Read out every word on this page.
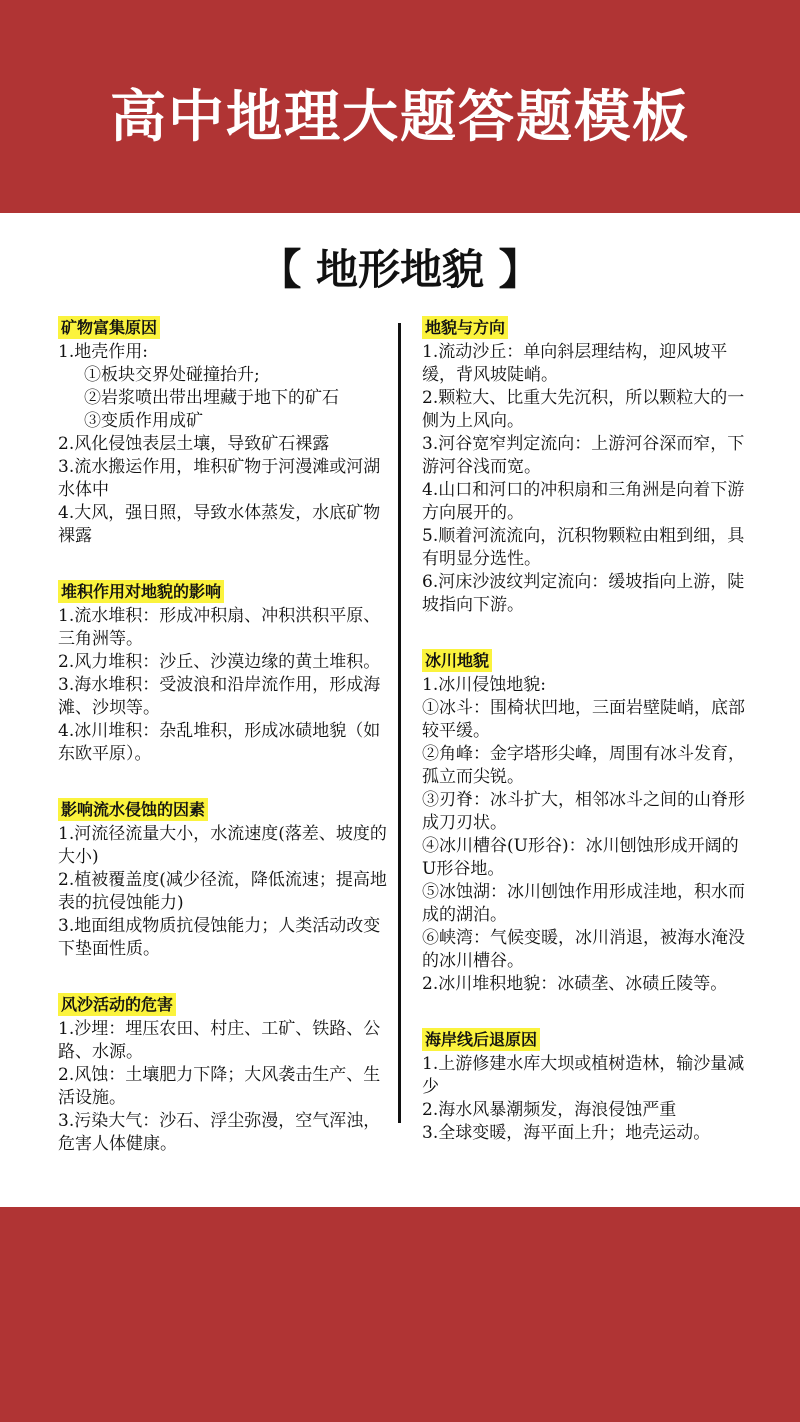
高中地理大题答题模板
【 地形地貌 】
矿物富集原因
1.地壳作用:
①板块交界处碰撞抬升;
②岩浆喷出带出埋藏于地下的矿石
③变质作用成矿
2.风化侵蚀表层土壤，导致矿石裸露
3.流水搬运作用，堆积矿物于河漫滩或河湖水体中
4.大风，强日照，导致水体蒸发，水底矿物裸露
堆积作用对地貌的影响
1.流水堆积：形成冲积扇、冲积洪积平原、三角洲等。
2.风力堆积：沙丘、沙漠边缘的黄土堆积。
3.海水堆积：受波浪和沿岸流作用，形成海滩、沙坝等。
4.冰川堆积：杂乱堆积，形成冰碛地貌（如东欧平原）。
影响流水侵蚀的因素
1.河流径流量大小，水流速度(落差、坡度的大小)
2.植被覆盖度(减少径流，降低流速；提高地表的抗侵蚀能力)
3.地面组成物质抗侵蚀能力；人类活动改变下垫面性质。
风沙活动的危害
1.沙埋：埋压农田、村庄、工矿、铁路、公路、水源。
2.风蚀：土壤肥力下降；大风袭击生产、生活设施。
3.污染大气：沙石、浮尘弥漫，空气浑浊，危害人体健康。
地貌与方向
1.流动沙丘：单向斜层理结构，迎风坡平缓，背风坡陡峭。
2.颗粒大、比重大先沉积，所以颗粒大的一侧为上风向。
3.河谷宽窄判定流向：上游河谷深而窄，下游河谷浅而宽。
4.山口和河口的冲积扇和三角洲是向着下游方向展开的。
5.顺着河流流向，沉积物颗粒由粗到细，具有明显分选性。
6.河床沙波纹判定流向：缓坡指向上游，陡坡指向下游。
冰川地貌
1.冰川侵蚀地貌:
①冰斗：围椅状凹地，三面岩壁陡峭，底部较平缓。
②角峰：金字塔形尖峰，周围有冰斗发育，孤立而尖锐。
③刃脊：冰斗扩大，相邻冰斗之间的山脊形成刀刃状。
④冰川槽谷(U形谷)：冰川刨蚀形成开阔的U形谷地。
⑤冰蚀湖：冰川刨蚀作用形成洼地，积水而成的湖泊。
⑥峡湾：气候变暖，冰川消退，被海水淹没的冰川槽谷。
2.冰川堆积地貌：冰碛垄、冰碛丘陵等。
海岸线后退原因
1.上游修建水库大坝或植树造林，输沙量减少
2.海水风暴潮频发，海浪侵蚀严重
3.全球变暖，海平面上升；地壳运动。
